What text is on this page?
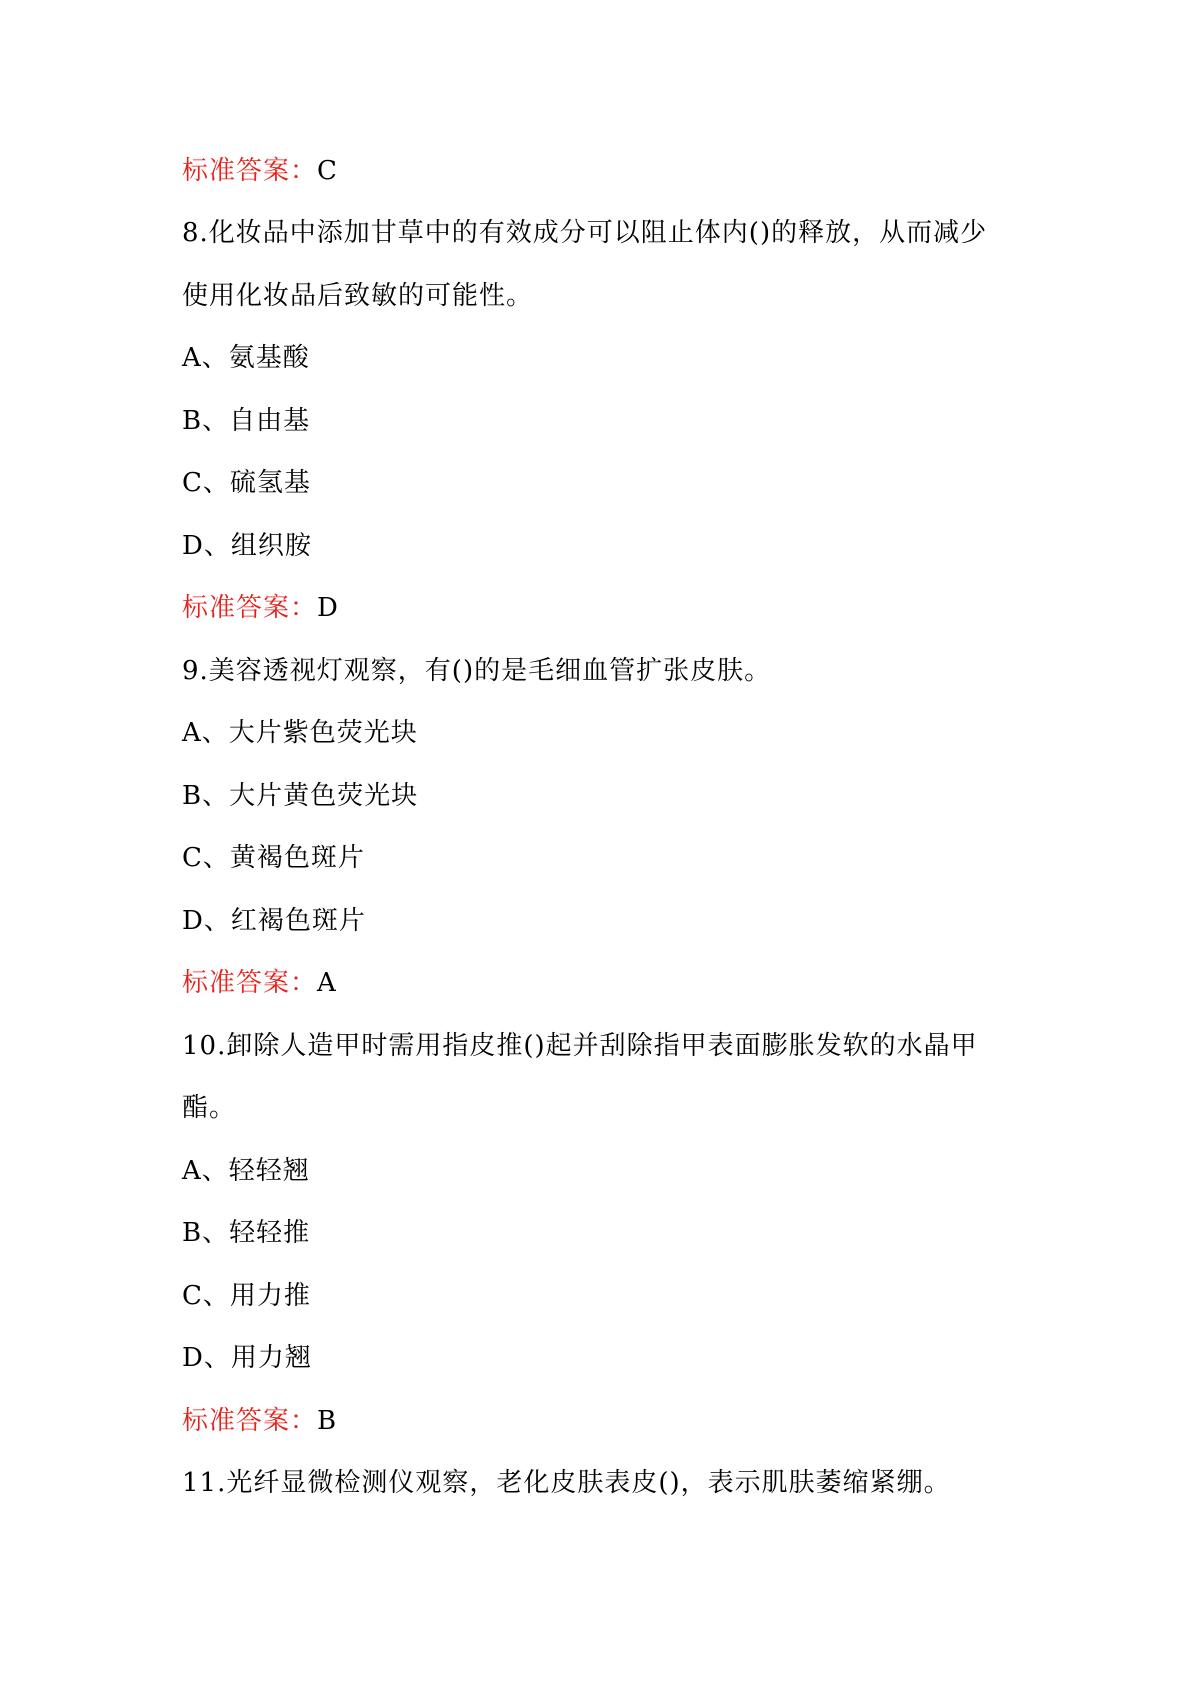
标准答案：C
8.化妆品中添加甘草中的有效成分可以阻止体内()的释放，从而减少
使用化妆品后致敏的可能性。
A、氨基酸
B、自由基
C、硫氢基
D、组织胺
标准答案：D
9.美容透视灯观察，有()的是毛细血管扩张皮肤。
A、大片紫色荧光块
B、大片黄色荧光块
C、黄褐色斑片
D、红褐色斑片
标准答案：A
10.卸除人造甲时需用指皮推()起并刮除指甲表面膨胀发软的水晶甲
酯。
A、轻轻翘
B、轻轻推
C、用力推
D、用力翘
标准答案：B
11.光纤显微检测仪观察，老化皮肤表皮()，表示肌肤萎缩紧绷。
